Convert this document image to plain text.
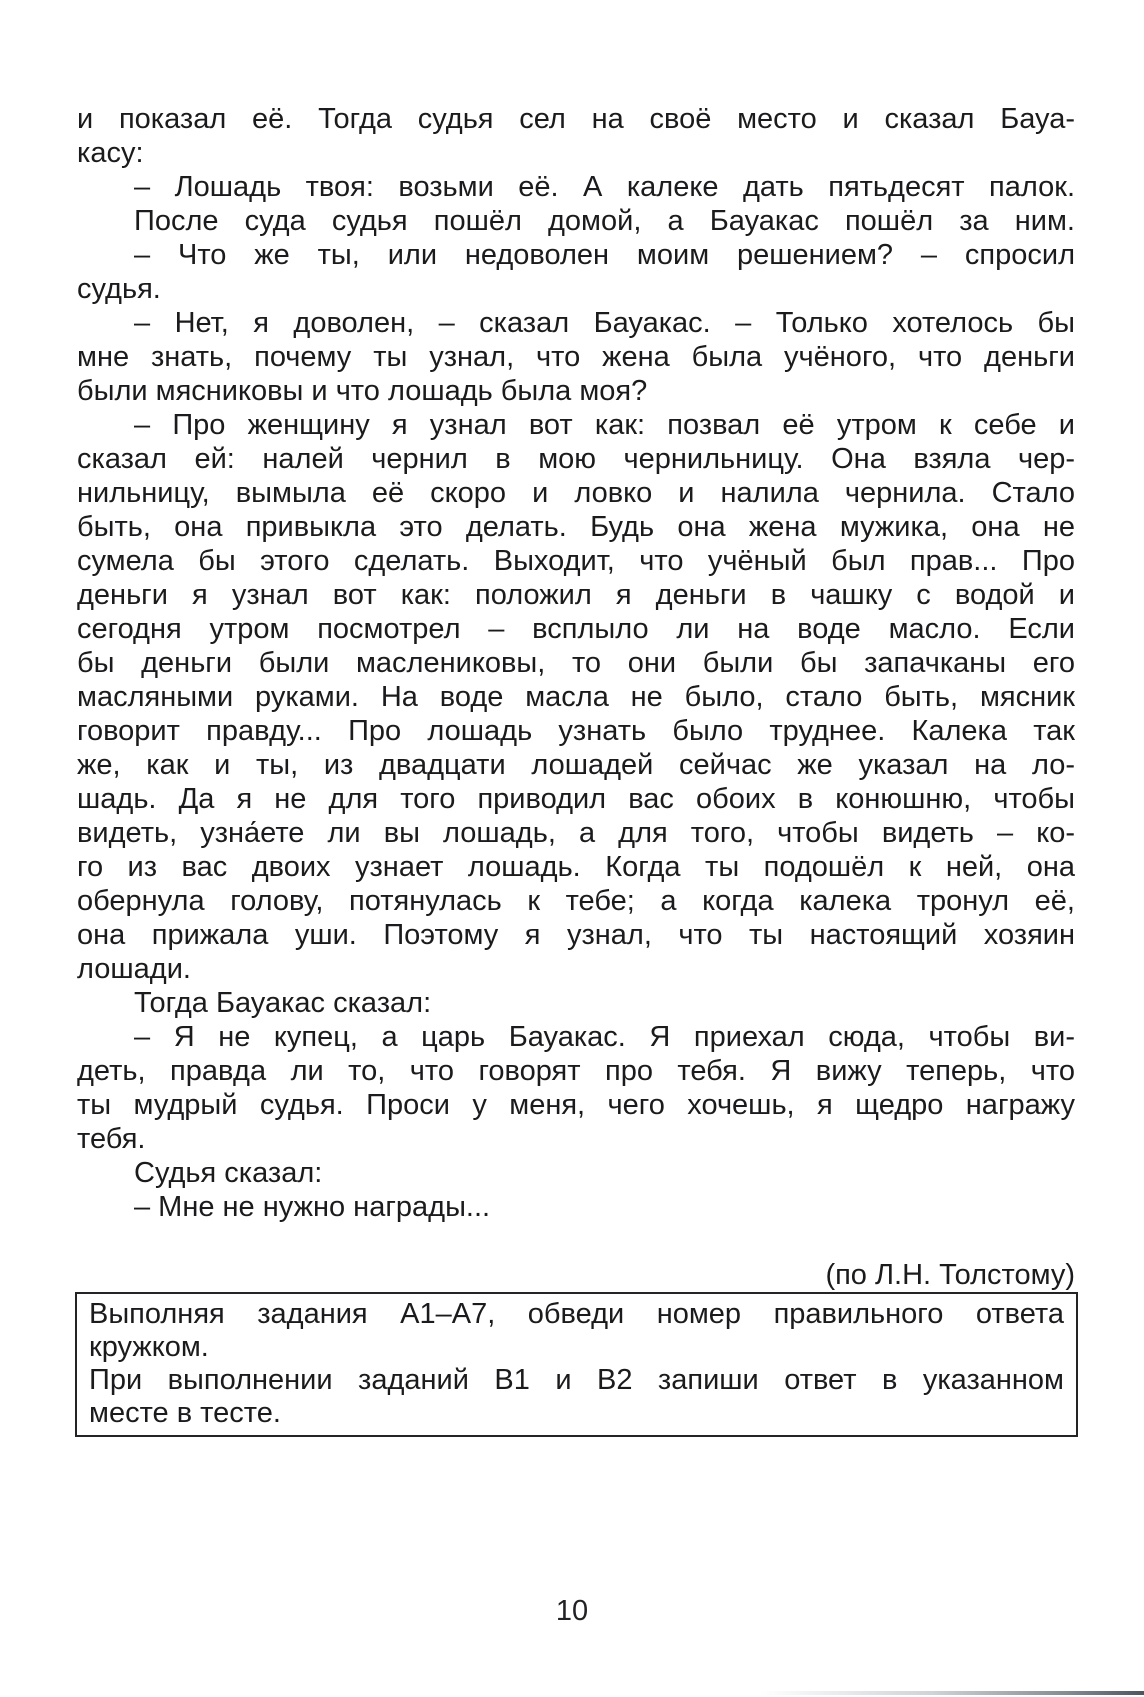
и показал её. Тогда судья сел на своё место и сказал Бауа-
касу:
– Лошадь твоя: возьми её. А калеке дать пятьдесят палок.
После суда судья пошёл домой, а Бауакас пошёл за ним.
– Что же ты, или недоволен моим решением? – спросил
судья.
– Нет, я доволен, – сказал Бауакас. – Только хотелось бы
мне знать, почему ты узнал, что жена была учёного, что деньги
были мясниковы и что лошадь была моя?
– Про женщину я узнал вот как: позвал её утром к себе и
сказал ей: налей чернил в мою чернильницу. Она взяла чер-
нильницу, вымыла её скоро и ловко и налила чернила. Стало
быть, она привыкла это делать. Будь она жена мужика, она не
сумела бы этого сделать. Выходит, что учёный был прав... Про
деньги я узнал вот как: положил я деньги в чашку с водой и
сегодня утром посмотрел – всплыло ли на воде масло. Если
бы деньги были маслениковы, то они были бы запачканы его
масляными руками. На воде масла не было, стало быть, мясник
говорит правду... Про лошадь узнать было труднее. Калека так
же, как и ты, из двадцати лошадей сейчас же указал на ло-
шадь. Да я не для того приводил вас обоих в конюшню, чтобы
видеть, узна́ете ли вы лошадь, а для того, чтобы видеть – ко-
го из вас двоих узнает лошадь. Когда ты подошёл к ней, она
обернула голову, потянулась к тебе; а когда калека тронул её,
она прижала уши. Поэтому я узнал, что ты настоящий хозяин
лошади.
Тогда Бауакас сказал:
– Я не купец, а царь Бауакас. Я приехал сюда, чтобы ви-
деть, правда ли то, что говорят про тебя. Я вижу теперь, что
ты мудрый судья. Проси у меня, чего хочешь, я щедро награжу
тебя.
Судья сказал:
– Мне не нужно награды...
(по Л.Н. Толстому)
Выполняя задания А1–А7, обведи номер правильного ответа
кружком.
При выполнении заданий В1 и В2 запиши ответ в указанном
месте в тесте.
10
